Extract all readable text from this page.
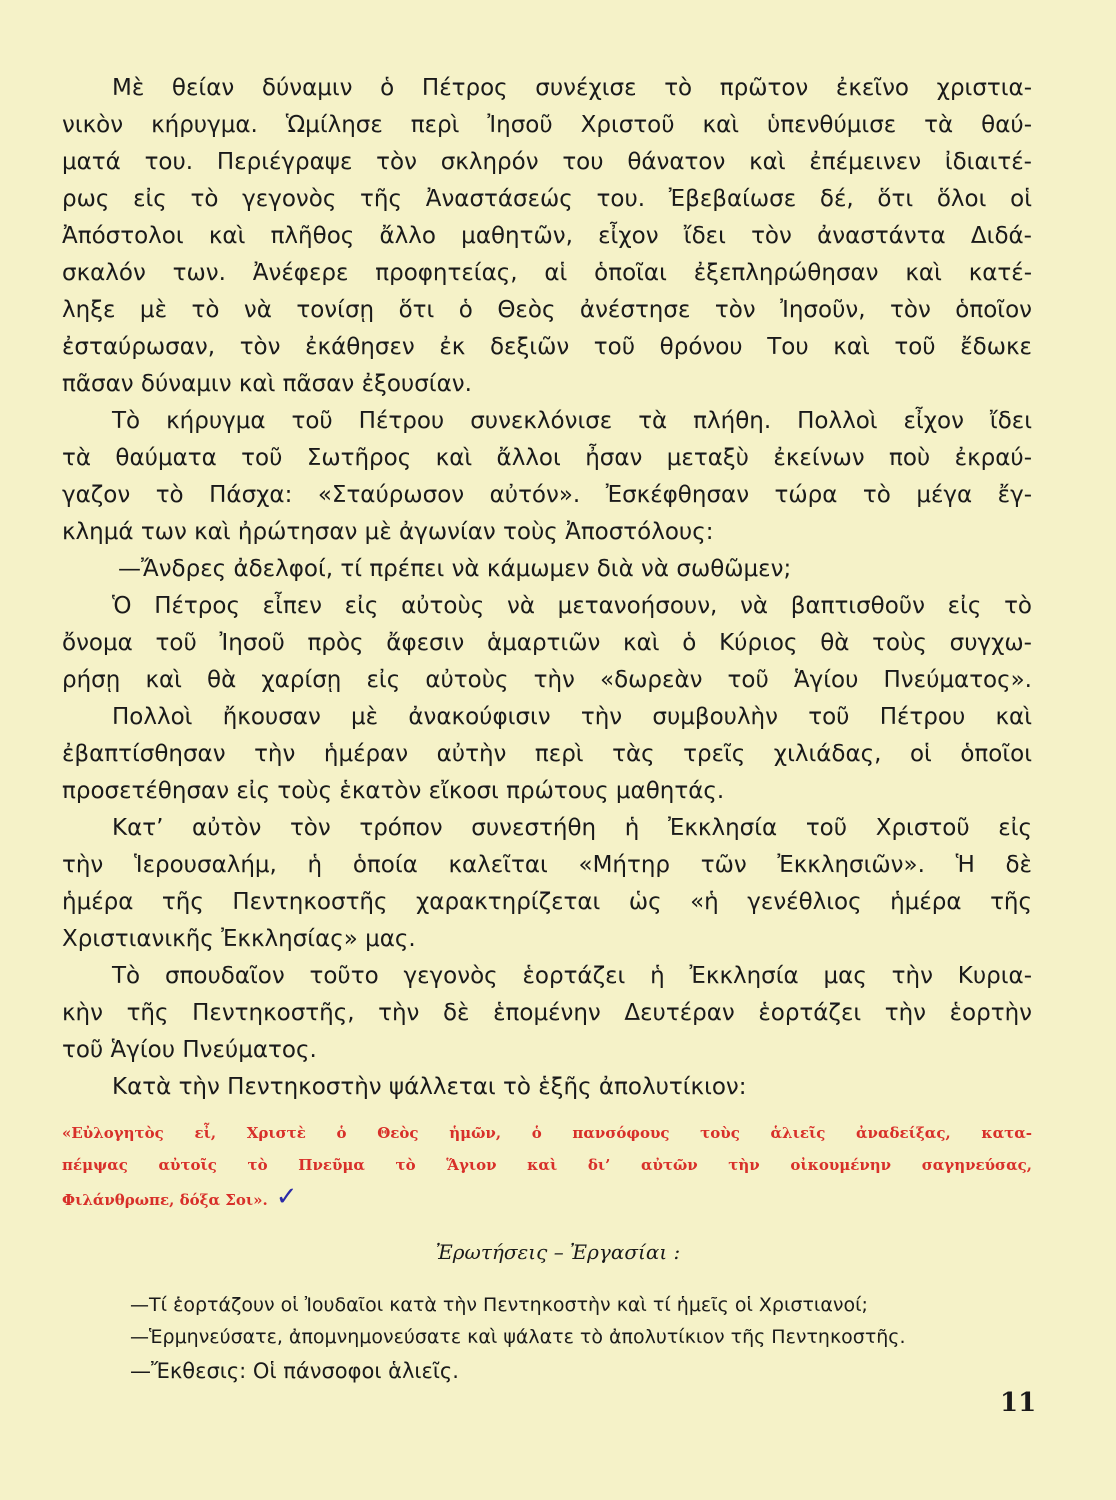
Μὲ θείαν δύναμιν ὁ Πέτρος συνέχισε τὸ πρῶτον ἐκεῖνο χριστια-
νικὸν κήρυγμα. Ὡμίλησε περὶ Ἰησοῦ Χριστοῦ καὶ ὑπενθύμισε τὰ θαύ-
ματά του. Περιέγραψε τὸν σκληρόν του θάνατον καὶ ἐπέμεινεν ἰδιαιτέ-
ρως εἰς τὸ γεγονὸς τῆς Ἀναστάσεώς του. Ἐβεβαίωσε δέ, ὅτι ὅλοι οἱ
Ἀπόστολοι καὶ πλῆθος ἄλλο μαθητῶν, εἶχον ἴδει τὸν ἀναστάντα Διδά-
σκαλόν των. Ἀνέφερε προφητείας, αἱ ὁποῖαι ἐξεπληρώθησαν καὶ κατέ-
ληξε μὲ τὸ νὰ τονίσῃ ὅτι ὁ Θεὸς ἀνέστησε τὸν Ἰησοῦν, τὸν ὁποῖον
ἐσταύρωσαν, τὸν ἐκάθησεν ἐκ δεξιῶν τοῦ θρόνου Του καὶ τοῦ ἔδωκε
πᾶσαν δύναμιν καὶ πᾶσαν ἐξουσίαν.
Τὸ κήρυγμα τοῦ Πέτρου συνεκλόνισε τὰ πλήθη. Πολλοὶ εἶχον ἴδει
τὰ θαύματα τοῦ Σωτῆρος καὶ ἄλλοι ἦσαν μεταξὺ ἐκείνων ποὺ ἐκραύ-
γαζον τὸ Πάσχα: «Σταύρωσον αὐτόν». Ἐσκέφθησαν τώρα τὸ μέγα ἔγ-
κλημά των καὶ ἠρώτησαν μὲ ἀγωνίαν τοὺς Ἀποστόλους:
—Ἄνδρες ἀδελφοί, τί πρέπει νὰ κάμωμεν διὰ νὰ σωθῶμεν;
Ὁ Πέτρος εἶπεν εἰς αὐτοὺς νὰ μετανοήσουν, νὰ βαπτισθοῦν εἰς τὸ
ὄνομα τοῦ Ἰησοῦ πρὸς ἄφεσιν ἁμαρτιῶν καὶ ὁ Κύριος θὰ τοὺς συγχω-
ρήσῃ καὶ θὰ χαρίσῃ εἰς αὐτοὺς τὴν «δωρεὰν τοῦ Ἁγίου Πνεύματος».
Πολλοὶ ἤκουσαν μὲ ἀνακούφισιν τὴν συμβουλὴν τοῦ Πέτρου καὶ
ἐβαπτίσθησαν τὴν ἡμέραν αὐτὴν περὶ τὰς τρεῖς χιλιάδας, οἱ ὁποῖοι
προσετέθησαν εἰς τοὺς ἑκατὸν εἴκοσι πρώτους μαθητάς.
Κατ’ αὐτὸν τὸν τρόπον συνεστήθη ἡ Ἐκκλησία τοῦ Χριστοῦ εἰς
τὴν Ἱερουσαλήμ, ἡ ὁποία καλεῖται «Μήτηρ τῶν Ἐκκλησιῶν». Ἡ δὲ
ἡμέρα τῆς Πεντηκοστῆς χαρακτηρίζεται ὡς «ἡ γενέθλιος ἡμέρα τῆς
Χριστιανικῆς Ἐκκλησίας» μας.
Τὸ σπουδαῖον τοῦτο γεγονὸς ἑορτάζει ἡ Ἐκκλησία μας τὴν Κυρια-
κὴν τῆς Πεντηκοστῆς, τὴν δὲ ἑπομένην Δευτέραν ἑορτάζει τὴν ἑορτὴν
τοῦ Ἁγίου Πνεύματος.
Κατὰ τὴν Πεντηκοστὴν ψάλλεται τὸ ἑξῆς ἀπολυτίκιον:
«Εὐλογητὸς εἶ, Χριστὲ ὁ Θεὸς ἡμῶν, ὁ πανσόφους τοὺς ἁλιεῖς ἀναδείξας, κατα-
πέμψας αὐτοῖς τὸ Πνεῦμα τὸ Ἅγιον καὶ δι’ αὐτῶν τὴν οἰκουμένην σαγηνεύσας,
Φιλάνθρωπε, δόξα Σοι». ✓
Ἐρωτήσεις – Ἐργασίαι :
—Τί ἑορτάζουν οἱ Ἰουδαῖοι κατὰ τὴν Πεντηκοστὴν καὶ τί ἡμεῖς οἱ Χριστιανοί;
—Ἑρμηνεύσατε, ἀπομνημονεύσατε καὶ ψάλατε τὸ ἀπολυτίκιον τῆς Πεντηκοστῆς.
—Ἔκθεσις: Οἱ πάνσοφοι ἁλιεῖς.
11
